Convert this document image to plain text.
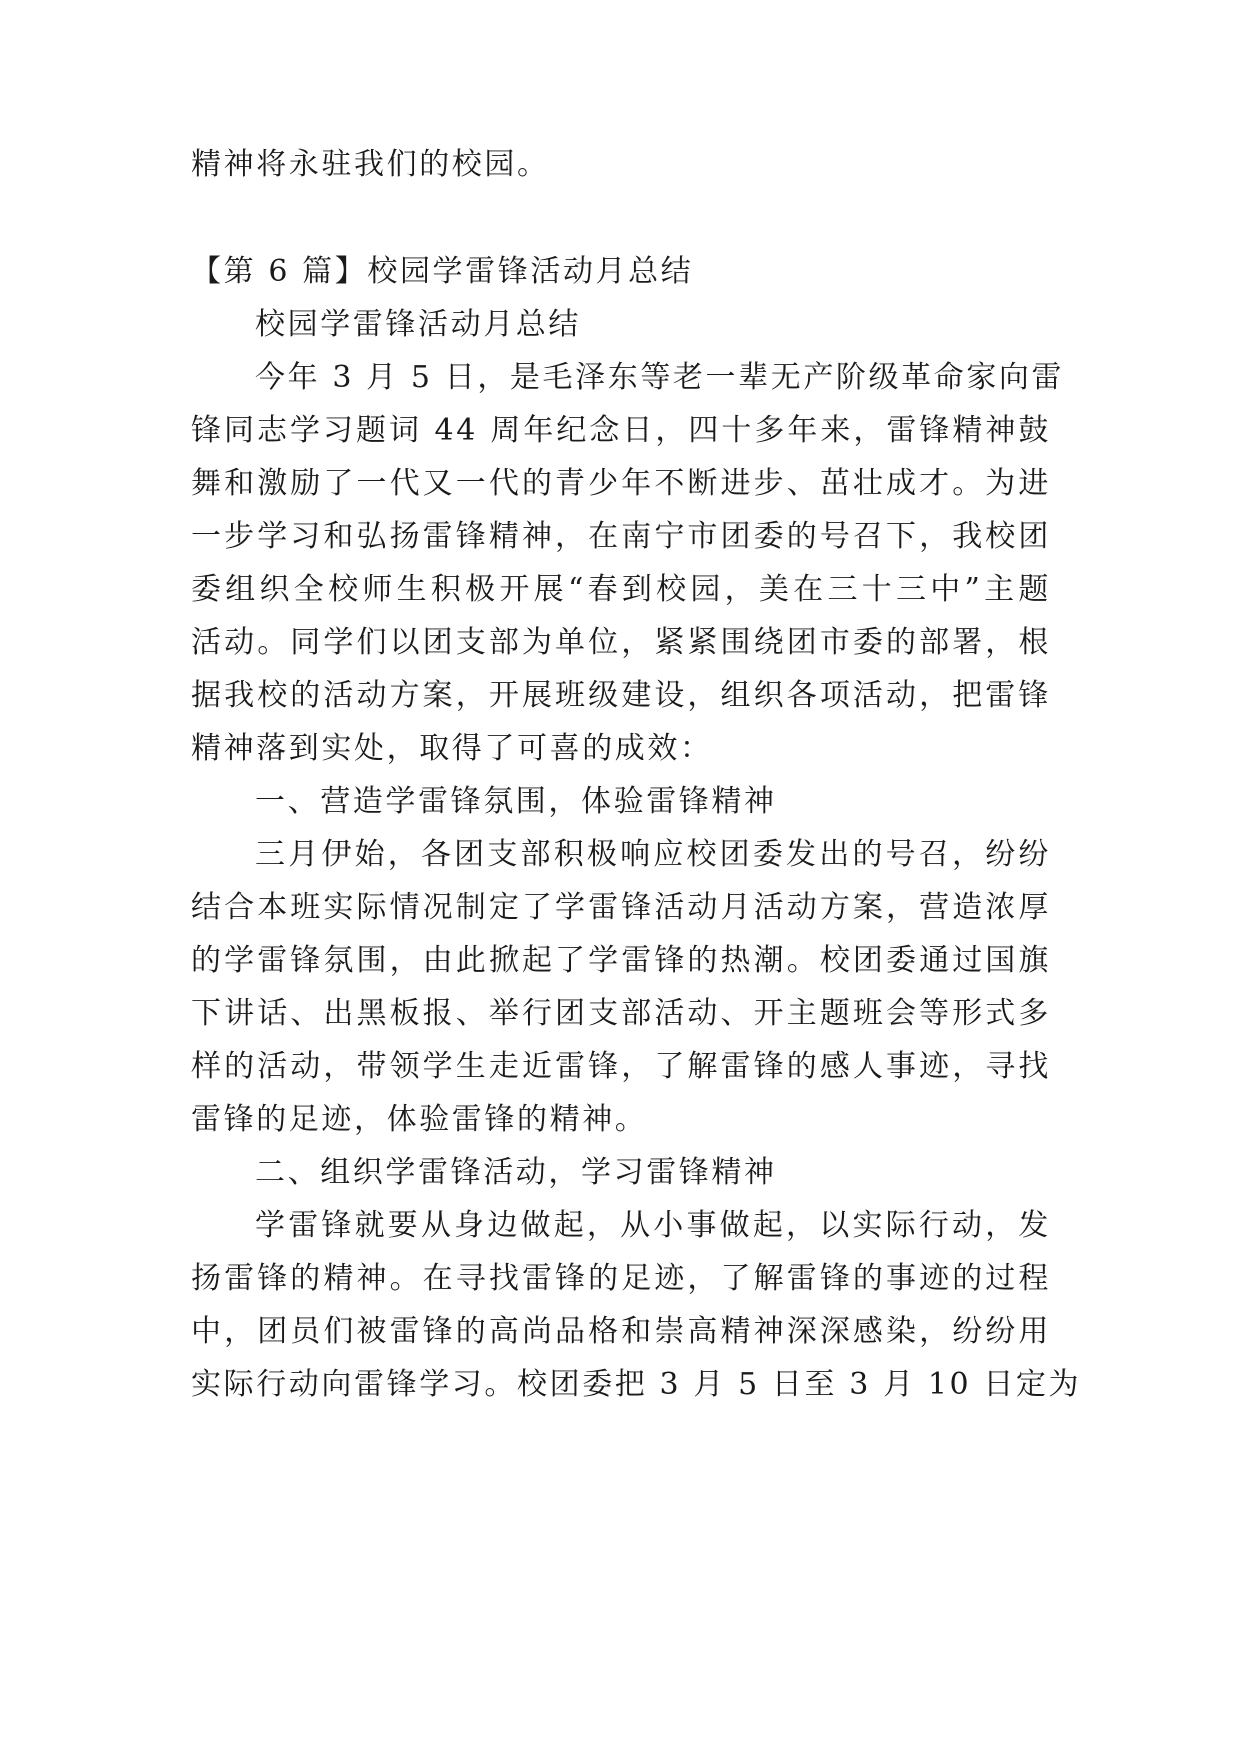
精神将永驻我们的校园。
【第 6 篇】校园学雷锋活动月总结
校园学雷锋活动月总结
今年 3 月 5 日，是毛泽东等老一辈无产阶级革命家向雷
锋同志学习题词 44 周年纪念日，四十多年来，雷锋精神鼓
舞和激励了一代又一代的青少年不断进步、茁壮成才。为进
一步学习和弘扬雷锋精神，在南宁市团委的号召下，我校团
委组织全校师生积极开展“春到校园，美在三十三中”主题
活动。同学们以团支部为单位，紧紧围绕团市委的部署，根
据我校的活动方案，开展班级建设，组织各项活动，把雷锋
精神落到实处，取得了可喜的成效：
一、营造学雷锋氛围，体验雷锋精神
三月伊始，各团支部积极响应校团委发出的号召，纷纷
结合本班实际情况制定了学雷锋活动月活动方案，营造浓厚
的学雷锋氛围，由此掀起了学雷锋的热潮。校团委通过国旗
下讲话、出黑板报、举行团支部活动、开主题班会等形式多
样的活动，带领学生走近雷锋，了解雷锋的感人事迹，寻找
雷锋的足迹，体验雷锋的精神。
二、组织学雷锋活动，学习雷锋精神
学雷锋就要从身边做起，从小事做起，以实际行动，发
扬雷锋的精神。在寻找雷锋的足迹，了解雷锋的事迹的过程
中，团员们被雷锋的高尚品格和崇高精神深深感染，纷纷用
实际行动向雷锋学习。校团委把 3 月 5 日至 3 月 10 日定为
